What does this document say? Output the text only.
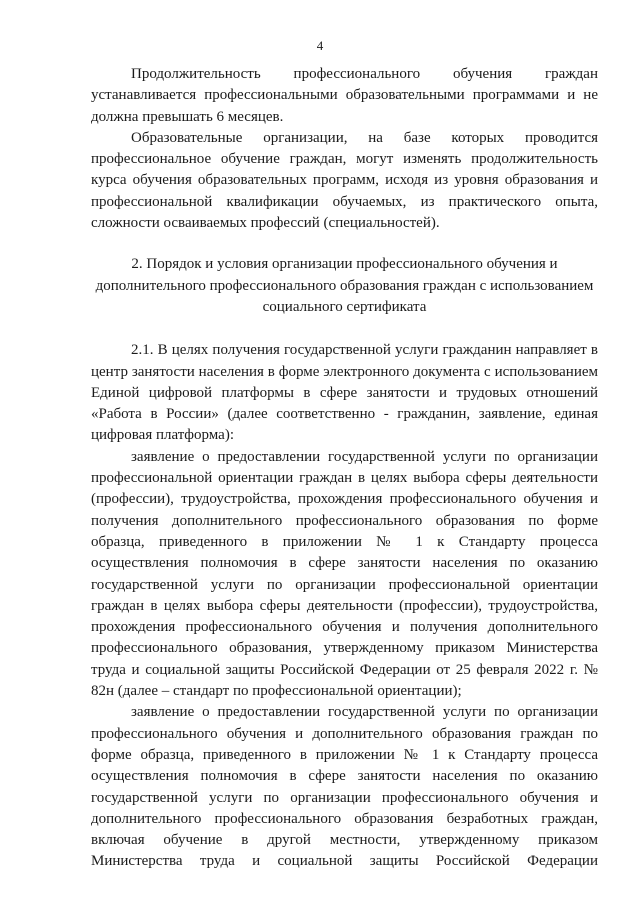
4

Продолжительность профессионального обучения граждан устанавливается профессиональными образовательными программами и не должна превышать 6 месяцев.

Образовательные организации, на базе которых проводится профессиональное обучение граждан, могут изменять продолжительность курса обучения образовательных программ, исходя из уровня образования и профессиональной квалификации обучаемых, из практического опыта, сложности осваиваемых профессий (специальностей).

2. Порядок и условия организации профессионального обучения и
дополнительного профессионального образования граждан с использованием
социального сертификата

2.1. В целях получения государственной услуги гражданин направляет в центр занятости населения в форме электронного документа с использованием Единой цифровой платформы в сфере занятости и трудовых отношений «Работа в России» (далее соответственно - гражданин, заявление, единая цифровая платформа):

заявление о предоставлении государственной услуги по организации профессиональной ориентации граждан в целях выбора сферы деятельности (профессии), трудоустройства, прохождения профессионального обучения и получения дополнительного профессионального образования по форме образца, приведенного в приложении № 1 к Стандарту процесса осуществления полномочия в сфере занятости населения по оказанию государственной услуги по организации профессиональной ориентации граждан в целях выбора сферы деятельности (профессии), трудоустройства, прохождения профессионального обучения и получения дополнительного профессионального образования, утвержденному приказом Министерства труда и социальной защиты Российской Федерации от 25 февраля 2022 г. № 82н (далее – стандарт по профессиональной ориентации);

заявление о предоставлении государственной услуги по организации профессионального обучения и дополнительного образования граждан по форме образца, приведенного в приложении № 1 к Стандарту процесса осуществления полномочия в сфере занятости населения по оказанию государственной услуги по организации профессионального обучения и дополнительного профессионального образования безработных граждан, включая обучение в другой местности, утвержденному приказом Министерства труда и социальной защиты Российской Федерации
